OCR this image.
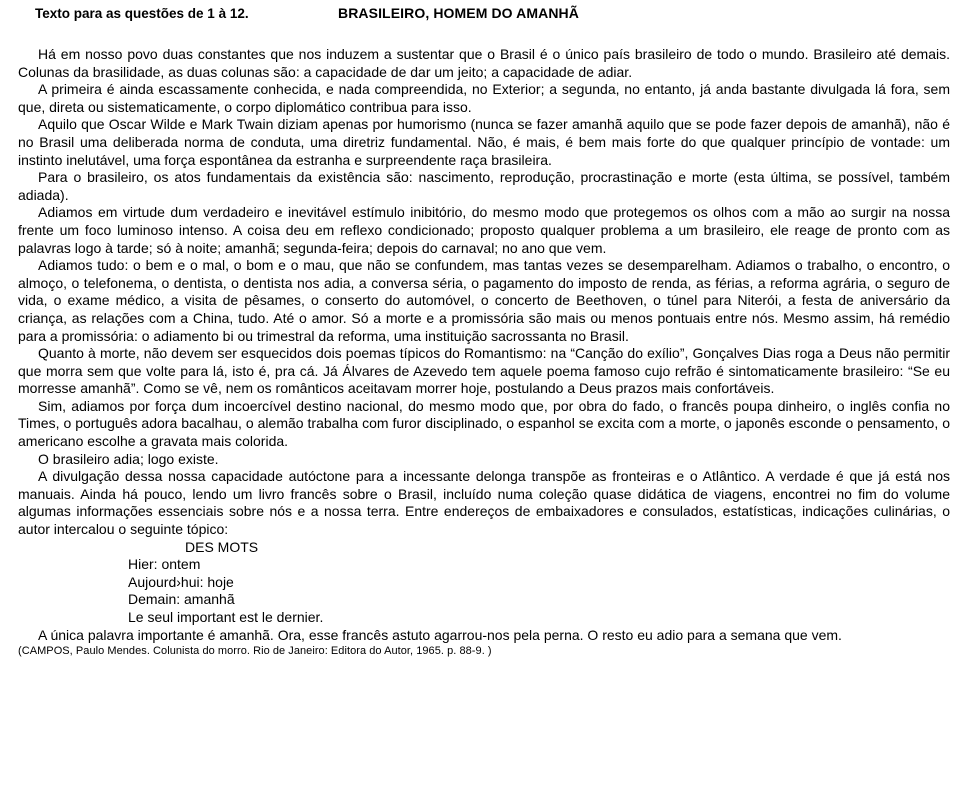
Texto para as questões de 1 à 12.	BRASILEIRO, HOMEM DO AMANHÃ

Há em nosso povo duas constantes que nos induzem a sustentar que o Brasil é o único país brasileiro de todo o mundo. Brasileiro até demais. Colunas da brasilidade, as duas colunas são: a capacidade de dar um jeito; a capacidade de adiar.

A primeira é ainda escassamente conhecida, e nada compreendida, no Exterior; a segunda, no entanto, já anda bastante divulgada lá fora, sem que, direta ou sistematicamente, o corpo diplomático contribua para isso.

Aquilo que Oscar Wilde e Mark Twain diziam apenas por humorismo (nunca se fazer amanhã aquilo que se pode fazer depois de amanhã), não é no Brasil uma deliberada norma de conduta, uma diretriz fundamental. Não, é mais, é bem mais forte do que qualquer princípio de vontade: um instinto inelutável, uma força espontânea da estranha e surpreendente raça brasileira.

Para o brasileiro, os atos fundamentais da existência são: nascimento, reprodução, procrastinação e morte (esta última, se possível, também adiada).

Adiamos em virtude dum verdadeiro e inevitável estímulo inibitório, do mesmo modo que protegemos os olhos com a mão ao surgir na nossa frente um foco luminoso intenso. A coisa deu em reflexo condicionado; proposto qualquer problema a um brasileiro, ele reage de pronto com as palavras logo à tarde; só à noite; amanhã; segunda-feira; depois do carnaval; no ano que vem.

Adiamos tudo: o bem e o mal, o bom e o mau, que não se confundem, mas tantas vezes se desemparelham. Adiamos o trabalho, o encontro, o almoço, o telefonema, o dentista, o dentista nos adia, a conversa séria, o pagamento do imposto de renda, as férias, a reforma agrária, o seguro de vida, o exame médico, a visita de pêsames, o conserto do automóvel, o concerto de Beethoven, o túnel para Niterói, a festa de aniversário da criança, as relações com a China, tudo. Até o amor. Só a morte e a promissória são mais ou menos pontuais entre nós. Mesmo assim, há remédio para a promissória: o adiamento bi ou trimestral da reforma, uma instituição sacrossanta no Brasil.

Quanto à morte, não devem ser esquecidos dois poemas típicos do Romantismo: na “Canção do exílio”, Gonçalves Dias roga a Deus não permitir que morra sem que volte para lá, isto é, pra cá. Já Álvares de Azevedo tem aquele poema famoso cujo refrão é sintomaticamente brasileiro: “Se eu morresse amanhã”. Como se vê, nem os românticos aceitavam morrer hoje, postulando a Deus prazos mais confortáveis.

Sim, adiamos por força dum incoercível destino nacional, do mesmo modo que, por obra do fado, o francês poupa dinheiro, o inglês confia no Times, o português adora bacalhau, o alemão trabalha com furor disciplinado, o espanhol se excita com a morte, o japonês esconde o pensamento, o americano escolhe a gravata mais colorida.

O brasileiro adia; logo existe.

A divulgação dessa nossa capacidade autóctone para a incessante delonga transpõe as fronteiras e o Atlântico. A verdade é que já está nos manuais. Ainda há pouco, lendo um livro francês sobre o Brasil, incluído numa coleção quase didática de viagens, encontrei no fim do volume algumas informações essenciais sobre nós e a nossa terra. Entre endereços de embaixadores e consulados, estatísticas, indicações culinárias, o autor intercalou o seguinte tópico:

DES MOTS

Hier: ontem

Aujourd›hui: hoje

Demain: amanhã

Le seul important est le dernier.

A única palavra importante é amanhã. Ora, esse francês astuto agarrou-nos pela perna. O resto eu adio para a semana que vem.

(CAMPOS, Paulo Mendes. Colunista do morro. Rio de Janeiro: Editora do Autor, 1965. p. 88-9. )
